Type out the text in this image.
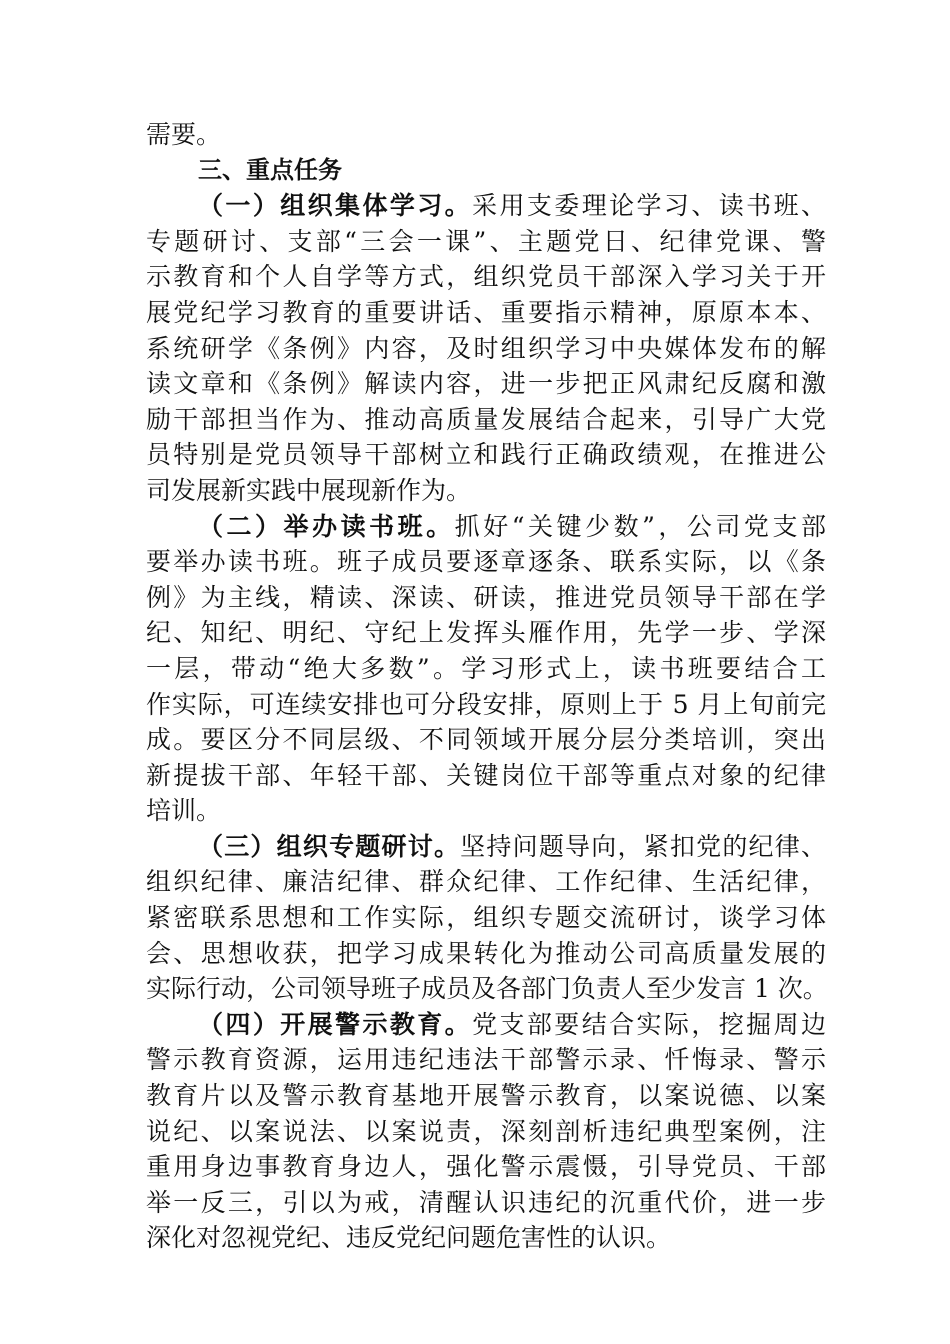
需要。
三、重点任务
（一）组织集体学习。采用支委理论学习、读书班、
专题研讨、支部“三会一课”、主题党日、纪律党课、警
示教育和个人自学等方式，组织党员干部深入学习关于开
展党纪学习教育的重要讲话、重要指示精神，原原本本、
系统研学《条例》内容，及时组织学习中央媒体发布的解
读文章和《条例》解读内容，进一步把正风肃纪反腐和激
励干部担当作为、推动高质量发展结合起来，引导广大党
员特别是党员领导干部树立和践行正确政绩观，在推进公
司发展新实践中展现新作为。
（二）举办读书班。抓好“关键少数”，公司党支部
要举办读书班。班子成员要逐章逐条、联系实际，以《条
例》为主线，精读、深读、研读，推进党员领导干部在学
纪、知纪、明纪、守纪上发挥头雁作用，先学一步、学深
一层，带动“绝大多数”。学习形式上，读书班要结合工
作实际，可连续安排也可分段安排，原则上于 5 月上旬前完
成。要区分不同层级、不同领域开展分层分类培训，突出
新提拔干部、年轻干部、关键岗位干部等重点对象的纪律
培训。
（三）组织专题研讨。坚持问题导向，紧扣党的纪律、
组织纪律、廉洁纪律、群众纪律、工作纪律、生活纪律，
紧密联系思想和工作实际，组织专题交流研讨，谈学习体
会、思想收获，把学习成果转化为推动公司高质量发展的
实际行动，公司领导班子成员及各部门负责人至少发言 1 次。
（四）开展警示教育。党支部要结合实际，挖掘周边
警示教育资源，运用违纪违法干部警示录、忏悔录、警示
教育片以及警示教育基地开展警示教育，以案说德、以案
说纪、以案说法、以案说责，深刻剖析违纪典型案例，注
重用身边事教育身边人，强化警示震慑，引导党员、干部
举一反三，引以为戒，清醒认识违纪的沉重代价，进一步
深化对忽视党纪、违反党纪问题危害性的认识。
